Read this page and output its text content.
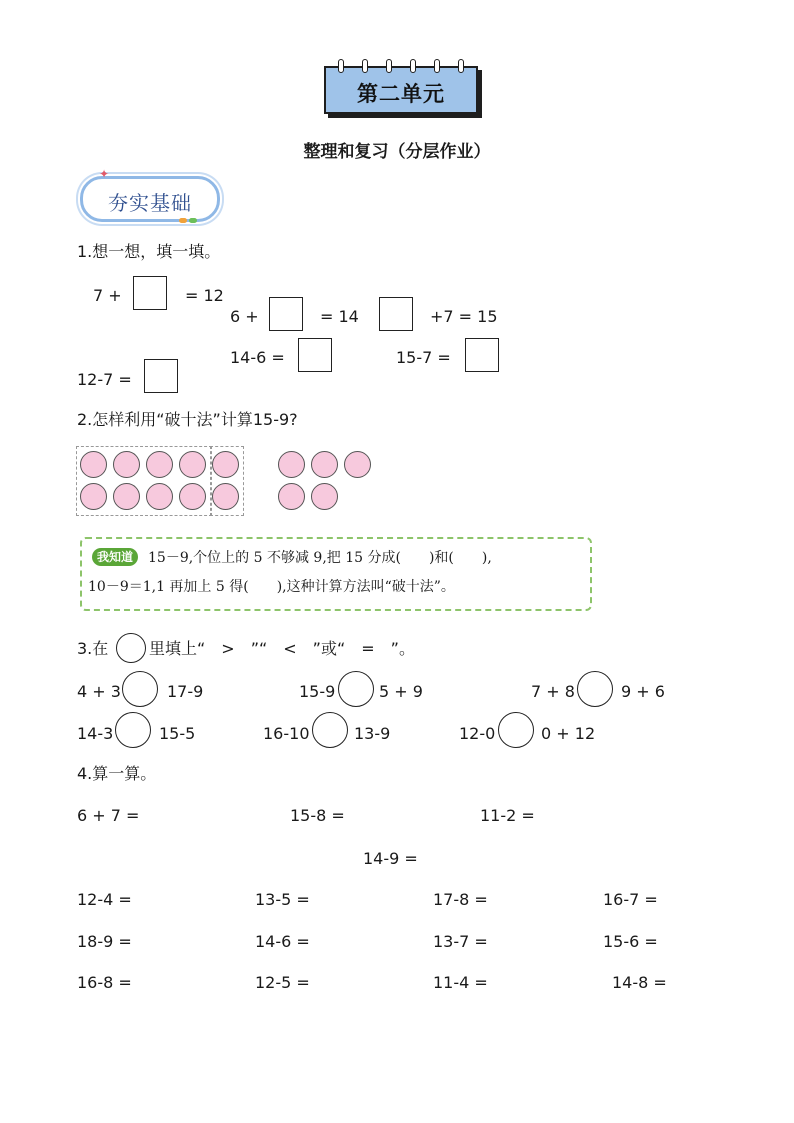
第二单元
整理和复习（分层作业）
✦
夯实基础
1.想一想，填一填。
7 +	= 12
6 +	= 14	+7 = 15
14-6 =	15-7 =
12-7 =
2.怎样利用“破十法”计算15-9?
我知道	15－9,个位上的 5 不够减 9,把 15 分成(　　)和(　　),
10－9＝1,1 再加上 5 得(　　),这种计算方法叫“破十法”。
3.在	里填上“　>　”“　<　”或“　=　”。
4 + 3	17-9	15-9	5 + 9	7 + 8	9 + 6
14-3	15-5	16-10	13-9	12-0	0 + 12
4.算一算。
6 + 7 =	15-8 =	11-2 =
14-9 =
12-4 =	13-5 =	17-8 =	16-7 =
18-9 =	14-6 =	13-7 =	15-6 =
16-8 =	12-5 =	11-4 =	14-8 =
